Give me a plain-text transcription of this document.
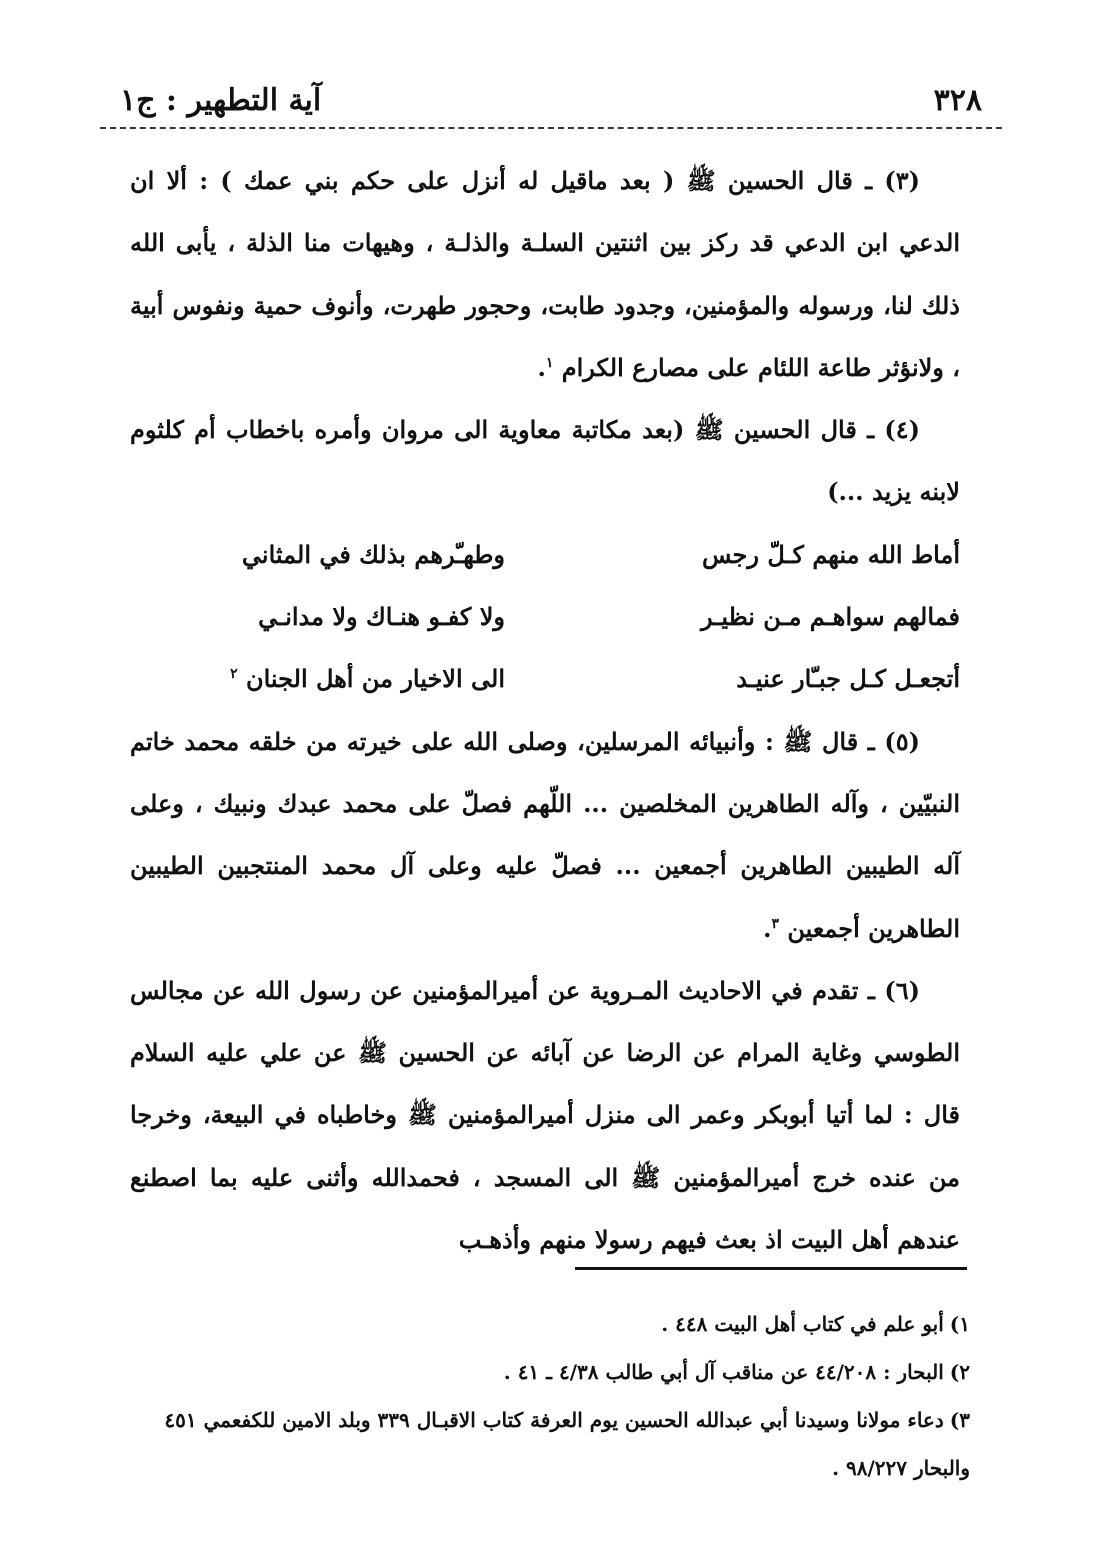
٣٢٨
آية التطهير : ج١

(٣) ـ قال الحسين ﷺ ( بعد ماقيل له أنزل على حكم بني عمك ) : ألا ان الدعي ابن الدعي قد ركز بين اثنتين السلـة والذلـة ، وهيهات منا الذلة ، يأبى الله ذلك لنا، ورسوله والمؤمنين، وجدود طابت، وحجور طهرت، وأنوف حمية ونفوس أبية ، ولانؤثر طاعة اللئام على مصارع الكرام $^١$.

(٤) ـ قال الحسين ﷺ (بعد مكاتبة معاوية الى مروان وأمره باخطاب أم كلثوم لابنه يزيد ...)

أماط الله منهم كـلّ رجس
وطهـّرهم بذلك في المثاني
فمالهم سواهـم مـن نظيـر
ولا كفـو هنـاك ولا مدانـي
أتجعـل كـل جبـّار عنيـد
الى الاخيار من أهل الجنان $^٢$

(٥) ـ قال ﷺ : وأنبيائه المرسلين، وصلى الله على خيرته من خلقه محمد خاتم النبيّين ، وآله الطاهرين المخلصين ... اللّهم فصلّ على محمد عبدك ونبيك ، وعلى آله الطيبين الطاهرين أجمعين ... فصلّ عليه وعلى آل محمد المنتجبين الطيبين الطاهرين أجمعين $^٣$.

(٦) ـ تقدم في الاحاديث المـروية عن أميرالمؤمنين عن رسول الله عن مجالس الطوسي وغاية المرام عن الرضا عن آبائه عن الحسين ﷺ عن علي عليه السلام قال : لما أتيا أبوبكر وعمر الى منزل أميرالمؤمنين ﷺ وخاطباه في البيعة، وخرجا من عنده خرج أميرالمؤمنين ﷺ الى المسجد ، فحمدالله وأثنى عليه بما اصطنع عندهم أهل البيت اذ بعث فيهم رسولا منهم وأذهـب

١)أبو علم في كتاب أهل البيت ٤٤٨ .

٢)البحار : ٤٤/٢٠٨ عن مناقب آل أبي طالب ٤/٣٨ ـ ٤١ .

٣)دعاء مولانا وسيدنا أبي عبدالله الحسين يوم العرفة كتاب الاقبـال ٣٣٩ وبلد الامين للكفعمي ٤٥١ والبحار ٩٨/٢٢٧ .
